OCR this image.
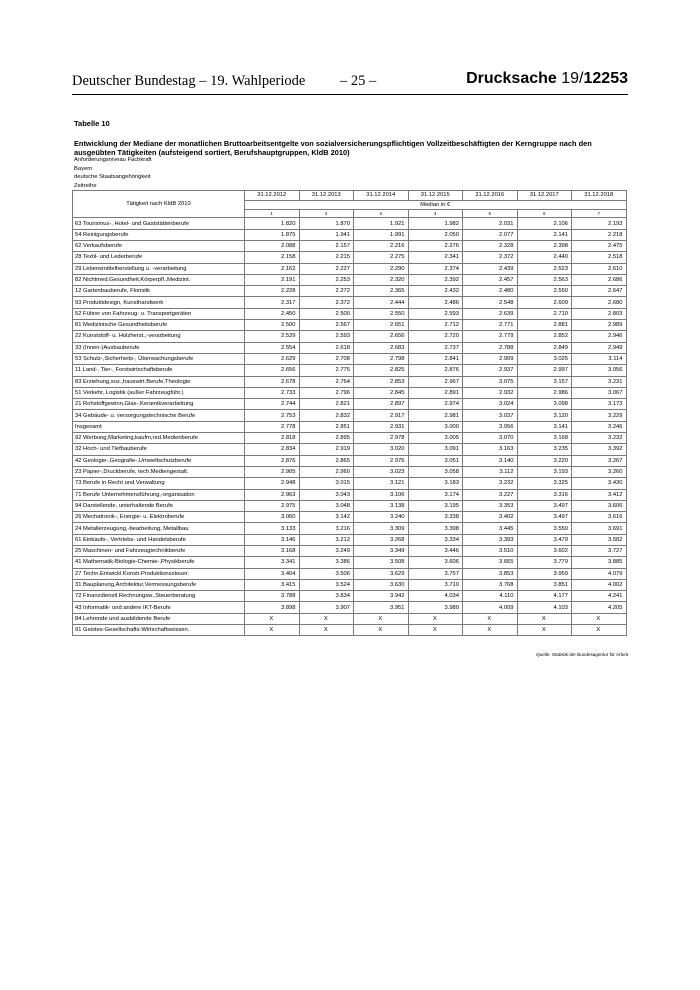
Deutscher Bundestag – 19. Wahlperiode – 25 –	Drucksache 19/12253
Tabelle 10
Entwicklung der Mediane der monatlichen Bruttoarbeitsentgelte von sozialversicherungspflichtigen Vollzeitbeschäftigten der Kerngruppe nach den ausgeübten Tätigkeiten (aufsteigend sortiert, Berufshauptgruppen, KldB 2010)
Anforderungsniveau Fachkraft
Bayern
deutsche Staatsangehörigkeit
Zeitreihe
Tätigkeit nach KldB 2010	31.12.2012	31.12.2013	31.12.2014	31.12.2015	31.12.2016	31.12.2017	31.12.2018
	Median in €						
	1	2	3	4	5	6	7
63 Tourismus-, Hotel- und Gaststättenberufe	1.820	1.870	1.921	1.982	2.031	2.106	2.193
54 Reinigungsberufe	1.875	1.941	1.991	2.050	2.077	2.141	2.218
62 Verkaufsberufe	2.088	2.157	2.216	2.276	2.328	2.398	2.475
28 Textil- und Lederberufe	2.158	2.215	2.275	2.341	2.372	2.440	2.518
29 Lebensmittelherstellung u. -verarbeitung	2.162	2.227	2.290	2.374	2.439	2.523	2.610
82 Nichtmed.Gesundheit,Körperpfl.,Medizint.	2.191	2.253	2.320	2.392	2.457	2.563	2.686
12 Gartenbauberufe, Floristik	2.228	2.272	2.365	2.432	2.480	2.550	2.647
93 Produktdesign, Kunsthandwerk	2.317	2.372	2.444	2.486	2.548	2.609	2.680
52 Führer von Fahrzeug- u. Transportgeräten	2.450	2.500	2.550	2.593	2.639	2.710	2.803
81 Medizinische Gesundheitsberufe	2.500	2.567	2.651	2.712	2.771	2.881	2.989
22 Kunststoff- u. Holzherst.,-verarbeitung	2.539	2.593	2.656	2.720	2.779	2.852	2.946
33 (Innen-)Ausbauberufe	2.554	2.618	2.683	2.737	2.788	2.849	2.949
53 Schutz-,Sicherheits-, Überwachungsberufe	2.629	2.708	2.798	2.841	2.909	3.025	3.114
11 Land-, Tier-, Forstwirtschaftsberufe	2.656	2.775	2.825	2.876	2.937	2.997	3.056
83 Erziehung,soz.,hauswirt.Berufe,Theologie	2.678	2.764	2.853	2.967	3.075	3.157	3.231
51 Verkehr, Logistik (außer Fahrzeugführ.)	2.733	2.796	2.845	2.891	2.932	2.986	3.067
21 Rohstoffgewinn,Glas-,Keramikverarbeitung	2.744	2.821	2.897	2.974	3.024	3.098	3.173
34 Gebäude- u. versorgungstechnische Berufe	2.753	2.832	2.917	2.981	3.037	3.120	3.229
Insgesamt	2.778	2.851	2.931	3.000	3.056	3.141	3.246
92 Werbung,Marketing,kaufm,red.Medienberufe	2.818	2.895	2.978	3.005	3.070	3.168	3.232
32 Hoch- und Tiefbauberufe	2.834	2.919	3.020	3.091	3.163	3.235	3.392
42 Geologie-,Geografie-,Umweltschutzberufe	2.876	2.865	2.976	3.051	3.140	3.220	3.267
23 Papier-,Druckberufe, tech.Mediengestalt.	2.905	2.960	3.023	3.058	3.112	3.193	3.260
73 Berufe in Recht und Verwaltung	2.948	3.015	3.121	3.183	3.232	3.325	3.430
71 Berufe Unternehmensführung,-organisation	2.963	3.043	3.106	3.174	3.227	3.316	3.412
94 Darstellende, unterhaltende Berufe	2.975	3.048	3.138	3.195	3.353	3.497	3.606
26 Mechatronik-, Energie- u. Elektroberufe	3.060	3.142	3.240	3.338	3.402	3.497	3.616
24 Metallerzeugung,-bearbeitung, Metallbau	3.133	3.216	3.309	3.398	3.445	3.550	3.691
61 Einkaufs-, Vertriebs- und Handelsberufe	3.146	3.212	3.268	3.334	3.393	3.479	3.582
25 Maschinen- und Fahrzeugtechnikberufe	3.168	3.249	3.349	3.446	3.510	3.602	3.727
41 Mathematik-Biologie-Chemie-,Physikberufe	3.341	3.386	3.508	3.606	3.665	3.779	3.885
27 Techn.Entwickl.Konstr.Produktionssteuer.	3.404	3.506	3.629	3.757	3.853	3.959	4.079
31 Bauplanung,Architektur,Vermessungsberufe	3.415	3.524	3.630	3.710	3.768	3.851	4.002
72 Finanzdienstl.Rechnungsw.,Steuerberatung	3.788	3.834	3.942	4.034	4.110	4.177	4.241
43 Informatik- und andere IKT-Berufe	3.898	3.907	3.951	3.980	4.009	4.103	4.205
84 Lehrende und ausbildende Berufe	X	X	X	X	X	X	X
91 Geistes-Gesellschafts-Wirtschaftswissen.	X	X	X	X	X	X	X
Quelle: Statistik der Bundesagentur für Arbeit
